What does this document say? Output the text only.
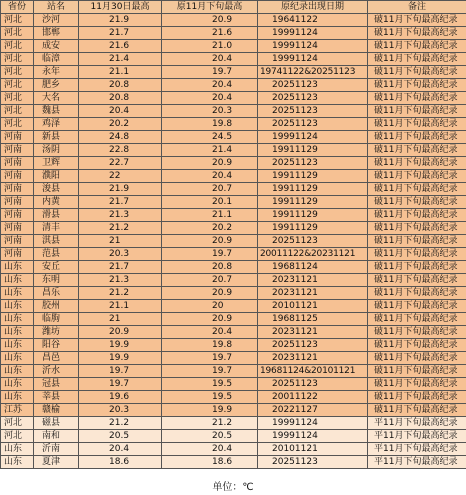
省份	站名	11月30日最高	原11月下旬最高	原纪录出现日期	备注
河北	沙河	21.9	20.9	19641122	破11月下旬最高纪录
河北	邯郸	21.7	21.6	19991124	破11月下旬最高纪录
河北	成安	21.6	21.0	19991124	破11月下旬最高纪录
河北	临漳	21.4	20.4	19991124	破11月下旬最高纪录
河北	永年	21.1	19.7	19741122&20251123	破11月下旬最高纪录
河北	肥乡	20.8	20.4	20251123	破11月下旬最高纪录
河北	大名	20.8	20.4	20251123	破11月下旬最高纪录
河北	魏县	20.4	20.3	20251123	破11月下旬最高纪录
河北	鸡泽	20.2	19.8	20251123	破11月下旬最高纪录
河南	新县	24.8	24.5	19991124	破11月下旬最高纪录
河南	汤阴	22.8	21.4	19911129	破11月下旬最高纪录
河南	卫辉	22.7	20.9	20251123	破11月下旬最高纪录
河南	濮阳	22	20.4	19911129	破11月下旬最高纪录
河南	浚县	21.9	20.7	19911129	破11月下旬最高纪录
河南	内黄	21.7	20.1	19911129	破11月下旬最高纪录
河南	滑县	21.3	21.1	19911129	破11月下旬最高纪录
河南	清丰	21.2	20.2	19911129	破11月下旬最高纪录
河南	淇县	21	20.9	20251123	破11月下旬最高纪录
河南	范县	20.3	19.7	20011122&20231121	破11月下旬最高纪录
山东	安丘	21.7	20.8	19681124	破11月下旬最高纪录
山东	东明	21.3	20.7	20231121	破11月下旬最高纪录
山东	昌乐	21.2	20.9	20231121	破11月下旬最高纪录
山东	胶州	21.1	20	20101121	破11月下旬最高纪录
山东	临朐	21	20.9	19681125	破11月下旬最高纪录
山东	潍坊	20.9	20.4	20231121	破11月下旬最高纪录
山东	阳谷	19.9	19.8	20251123	破11月下旬最高纪录
山东	昌邑	19.9	19.7	20231121	破11月下旬最高纪录
山东	沂水	19.7	19.7	19681124&20101121	破11月下旬最高纪录
山东	冠县	19.7	19.5	20251123	破11月下旬最高纪录
山东	莘县	19.6	19.5	20011122	破11月下旬最高纪录
江苏	赣榆	20.3	19.9	20221127	破11月下旬最高纪录
河北	磁县	21.2	21.2	19991124	平11月下旬最高纪录
河北	南和	20.5	20.5	19991124	平11月下旬最高纪录
山东	沂南	20.4	20.4	20101121	平11月下旬最高纪录
山东	夏津	18.6	18.6	20251123	平11月下旬最高纪录
单位：℃
